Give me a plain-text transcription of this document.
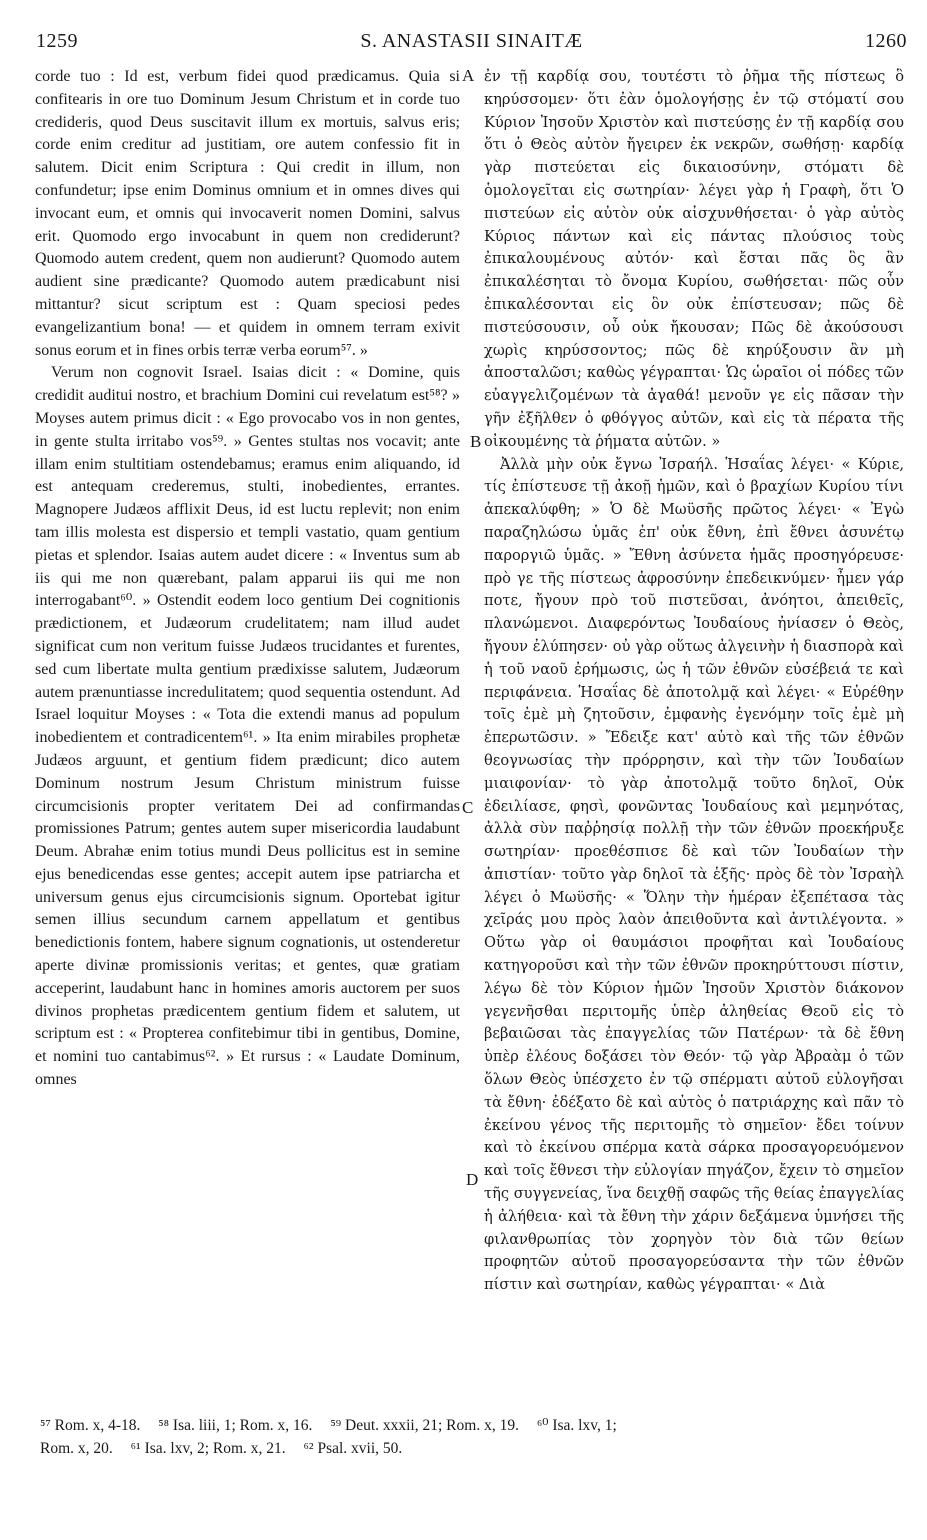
1259	S. ANASTASII SINAITÆ	1260

corde tuo : Id est, verbum fidei quod prædicamus. Quia si confitearis in ore tuo Dominum Jesum Christum et in corde tuo credideris, quod Deus suscitavit illum ex mortuis, salvus eris; corde enim creditur ad justitiam, ore autem confessio fit in salutem. Dicit enim Scriptura : Qui credit in illum, non confundetur; ipse enim Dominus omnium et in omnes dives qui invocant eum, et omnis qui invocaverit nomen Domini, salvus erit. Quomodo ergo invocabunt in quem non crediderunt? Quomodo autem credent, quem non audierunt? Quomodo autem audient sine prædicante? Quomodo autem prædicabunt nisi mittantur? sicut scriptum est : Quam speciosi pedes evangelizantium bona! — et quidem in omnem terram exivit sonus eorum et in fines orbis terræ verba eorum⁵⁷. »

Verum non cognovit Israel. Isaias dicit : « Domine, quis credidit auditui nostro, et brachium Domini cui revelatum est⁵⁸? » Moyses autem primus dicit : « Ego provocabo vos in non gentes, in gente stulta irritabo vos⁵⁹. » Gentes stultas nos vocavit; ante illam enim stultitiam ostendebamus; eramus enim aliquando, id est antequam crederemus, stulti, inobedientes, errantes. Magnopere Judæos afflixit Deus, id est luctu replevit; non enim tam illis molesta est dispersio et templi vastatio, quam gentium pietas et splendor. Isaias autem audet dicere : « Inventus sum ab iis qui me non quærebant, palam apparui iis qui me non interrogabant⁶⁰. » Ostendit eodem loco gentium Dei cognitionis prædictionem, et Judæorum crudelitatem; nam illud audet significat cum non veritum fuisse Judæos trucidantes et furentes, sed cum libertate multa gentium prædixisse salutem, Judæorum autem prænuntiasse incredulitatem; quod sequentia ostendunt. Ad Israel loquitur Moyses : « Tota die extendi manus ad populum inobedientem et contradicentem⁶¹. » Ita enim mirabiles prophetæ Judæos arguunt, et gentium fidem prædicunt; dico autem Dominum nostrum Jesum Christum ministrum fuisse circumcisionis propter veritatem Dei ad confirmandas promissiones Patrum; gentes autem super misericordia laudabunt Deum. Abrahæ enim totius mundi Deus pollicitus est in semine ejus benedicendas esse gentes; accepit autem ipse patriarcha et universum genus ejus circumcisionis signum. Oportebat igitur semen illius secundum carnem appellatum et gentibus benedictionis fontem, habere signum cognationis, ut ostenderetur aperte divinæ promissionis veritas; et gentes, quæ gratiam acceperint, laudabunt hanc in homines amoris auctorem per suos divinos prophetas prædicentem gentium fidem et salutem, ut scriptum est : « Propterea confitebimur tibi in gentibus, Domine, et nomini tuo cantabimus⁶². » Et rursus : « Laudate Dominum, omnes

ἐν τῇ καρδίᾳ σου, τουτέστι τὸ ῥῆμα τῆς πίστεως ὃ κηρύσσομεν· ὅτι ἐὰν ὁμολογήσῃς ἐν τῷ στόματί σου Κύριον Ἰησοῦν Χριστὸν καὶ πιστεύσῃς ἐν τῇ καρδίᾳ σου ὅτι ὁ Θεὸς αὐτὸν ἤγειρεν ἐκ νεκρῶν, σωθήσῃ· καρδίᾳ γὰρ πιστεύεται εἰς δικαιοσύνην, στόματι δὲ ὁμολογεῖται εἰς σωτηρίαν· λέγει γὰρ ἡ Γραφὴ, ὅτι Ὁ πιστεύων εἰς αὐτὸν οὐκ αἰσχυνθήσεται· ὁ γὰρ αὐτὸς Κύριος πάντων καὶ εἰς πάντας πλούσιος τοὺς ἐπικαλουμένους αὐτόν· καὶ ἔσται πᾶς ὃς ἂν ἐπικαλέσηται τὸ ὄνομα Κυρίου, σωθήσεται· πῶς οὖν ἐπικαλέσονται εἰς ὃν οὐκ ἐπίστευσαν; πῶς δὲ πιστεύσουσιν, οὗ οὐκ ἤκουσαν; Πῶς δὲ ἀκούσουσι χωρὶς κηρύσσοντος; πῶς δὲ κηρύξουσιν ἂν μὴ ἀποσταλῶσι; καθὼς γέγραπται· Ὡς ὡραῖοι οἱ πόδες τῶν εὐαγγελιζομένων τὰ ἀγαθά! μενοῦν γε εἰς πᾶσαν τὴν γῆν ἐξῆλθεν ὁ φθόγγος αὐτῶν, καὶ εἰς τὰ πέρατα τῆς οἰκουμένης τὰ ῥήματα αὐτῶν. »

Ἀλλὰ μὴν οὐκ ἔγνω Ἰσραήλ. Ἡσαΐας λέγει· « Κύριε, τίς ἐπίστευσε τῇ ἀκοῇ ἡμῶν, καὶ ὁ βραχίων Κυρίου τίνι ἀπεκαλύφθη; » Ὁ δὲ Μωϋσῆς πρῶτος λέγει· « Ἐγὼ παραζηλώσω ὑμᾶς ἐπ' οὐκ ἔθνη, ἐπὶ ἔθνει ἀσυνέτῳ παροργιῶ ὑμᾶς. » Ἔθνη ἀσύνετα ἡμᾶς προσηγόρευσε· πρὸ γε τῆς πίστεως ἀφροσύνην ἐπεδεικνύμεν· ἦμεν γάρ ποτε, ἤγουν πρὸ τοῦ πιστεῦσαι, ἀνόητοι, ἀπειθεῖς, πλανώμενοι. Διαφερόντως Ἰουδαίους ἠνίασεν ὁ Θεὸς, ἤγουν ἐλύπησεν· οὐ γὰρ οὕτως ἀλγεινὴν ἡ διασπορὰ καὶ ἡ τοῦ ναοῦ ἐρήμωσις, ὡς ἡ τῶν ἐθνῶν εὐσέβειά τε καὶ περιφάνεια. Ἡσαΐας δὲ ἀποτολμᾷ καὶ λέγει· « Εὑρέθην τοῖς ἐμὲ μὴ ζητοῦσιν, ἐμφανὴς ἐγενόμην τοῖς ἐμὲ μὴ ἐπερωτῶσιν. » Ἔδειξε κατ' αὐτὸ καὶ τῆς τῶν ἐθνῶν θεογνωσίας τὴν πρόρρησιν, καὶ τὴν τῶν Ἰουδαίων μιαιφονίαν· τὸ γὰρ ἀποτολμᾷ τοῦτο δηλοῖ, Οὐκ ἐδειλίασε, φησὶ, φονῶντας Ἰουδαίους καὶ μεμηνότας, ἀλλὰ σὺν παῤῥησίᾳ πολλῇ τὴν τῶν ἐθνῶν προεκήρυξε σωτηρίαν· προεθέσπισε δὲ καὶ τῶν Ἰουδαίων τὴν ἀπιστίαν· τοῦτο γὰρ δηλοῖ τὰ ἑξῆς· πρὸς δὲ τὸν Ἰσραὴλ λέγει ὁ Μωϋσῆς· « Ὅλην τὴν ἡμέραν ἐξεπέτασα τὰς χεῖράς μου πρὸς λαὸν ἀπειθοῦντα καὶ ἀντιλέγοντα. » Οὕτω γὰρ οἱ θαυμάσιοι προφῆται καὶ Ἰουδαίους κατηγοροῦσι καὶ τὴν τῶν ἐθνῶν προκηρύττουσι πίστιν, λέγω δὲ τὸν Κύριον ἡμῶν Ἰησοῦν Χριστὸν διάκονον γεγενῆσθαι περιτομῆς ὑπὲρ ἀληθείας Θεοῦ εἰς τὸ βεβαιῶσαι τὰς ἐπαγγελίας τῶν Πατέρων· τὰ δὲ ἔθνη ὑπὲρ ἐλέους δοξάσει τὸν Θεόν· τῷ γὰρ Ἀβραὰμ ὁ τῶν ὅλων Θεὸς ὑπέσχετο ἐν τῷ σπέρματι αὐτοῦ εὐλογῆσαι τὰ ἔθνη· ἐδέξατο δὲ καὶ αὐτὸς ὁ πατριάρχης καὶ πᾶν τὸ ἐκείνου γένος τῆς περιτομῆς τὸ σημεῖον· ἔδει τοίνυν καὶ τὸ ἐκείνου σπέρμα κατὰ σάρκα προσαγορευόμενον καὶ τοῖς ἔθνεσι τὴν εὐλογίαν πηγάζον, ἔχειν τὸ σημεῖον τῆς συγγενείας, ἵνα δειχθῇ σαφῶς τῆς θείας ἐπαγγελίας ἡ ἀλήθεια· καὶ τὰ ἔθνη τὴν χάριν δεξάμενα ὑμνήσει τῆς φιλανθρωπίας τὸν χορηγὸν τὸν διὰ τῶν θείων προφητῶν αὐτοῦ προσαγορεύσαντα τὴν τῶν ἐθνῶν πίστιν καὶ σωτηρίαν, καθὼς γέγραπται· « Διὰ

A
B
C
D
⁵⁷ Rom. x, 4-18. ⁵⁸ Isa. liii, 1; Rom. x, 16. ⁵⁹ Deut. xxxii, 21; Rom. x, 19. ⁶⁰ Isa. lxv, 1;
Rom. x, 20. ⁶¹ Isa. lxv, 2; Rom. x, 21. ⁶² Psal. xvii, 50.
